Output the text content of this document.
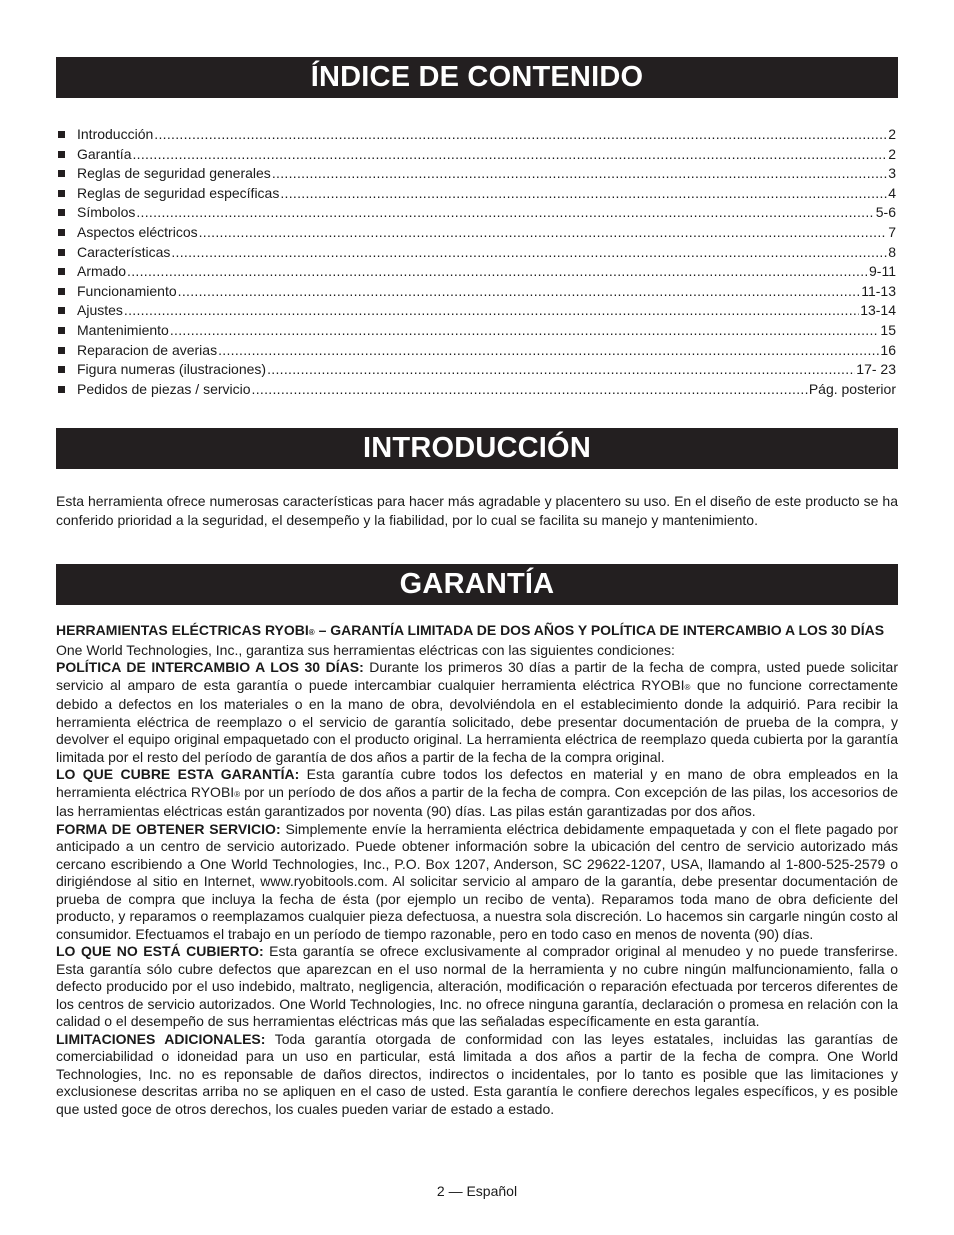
ÍNDICE DE CONTENIDO
Introducción .....	2
Garantía .....	2
Reglas de seguridad generales .....	3
Reglas de seguridad específicas .....	4
Símbolos .....	5-6
Aspectos eléctricos .....	7
Características .....	8
Armado .....	9-11
Funcionamiento .....	11-13
Ajustes .....	13-14
Mantenimiento .....	15
Reparacion de averias .....	16
Figura numeras (ilustraciones) .....	17- 23
Pedidos de piezas / servicio .....	Pág. posterior
INTRODUCCIÓN

Esta herramienta ofrece numerosas características para hacer más agradable y placentero su uso. En el diseño de este producto se ha conferido prioridad a la seguridad, el desempeño y la fiabilidad, por lo cual se facilita su manejo y mantenimiento.

GARANTÍA

HERRAMIENTAS ELÉCTRICAS RYOBI® – GARANTÍA LIMITADA DE DOS AÑOS Y POLÍTICA DE INTERCAMBIO A LOS 30 DÍAS

One World Technologies, Inc., garantiza sus herramientas eléctricas con las siguientes condiciones:

POLÍTICA DE INTERCAMBIO A LOS 30 DÍAS: Durante los primeros 30 días a partir de la fecha de compra, usted puede solicitar servicio al amparo de esta garantía o puede intercambiar cualquier herramienta eléctrica RYOBI® que no funcione correctamente debido a defectos en los materiales o en la mano de obra, devolviéndola en el establecimiento donde la adquirió. Para recibir la herramienta eléctrica de reemplazo o el servicio de garantía solicitado, debe presentar documentación de prueba de la compra, y devolver el equipo original empaquetado con el producto original. La herramienta eléctrica de reemplazo queda cubierta por la garantía limitada por el resto del período de garantía de dos años a partir de la fecha de la compra original.

LO QUE CUBRE ESTA GARANTÍA: Esta garantía cubre todos los defectos en material y en mano de obra empleados en la herramienta eléctrica RYOBI® por un período de dos años a partir de la fecha de compra. Con excepción de las pilas, los accesorios de las herramientas eléctricas están garantizados por noventa (90) días. Las pilas están garantizadas por dos años.

FORMA DE OBTENER SERVICIO: Simplemente envíe la herramienta eléctrica debidamente empaquetada y con el flete pagado por anticipado a un centro de servicio autorizado. Puede obtener información sobre la ubicación del centro de servicio autorizado más cercano escribiendo a One World Technologies, Inc., P.O. Box 1207, Anderson, SC 29622-1207, USA, llamando al 1-800-525-2579 o dirigiéndose al sitio en Internet, www.ryobitools.com. Al solicitar servicio al amparo de la garantía, debe presentar documentación de prueba de compra que incluya la fecha de ésta (por ejemplo un recibo de venta). Reparamos toda mano de obra deficiente del producto, y reparamos o reemplazamos cualquier pieza defectuosa, a nuestra sola discreción. Lo hacemos sin cargarle ningún costo al consumidor. Efectuamos el trabajo en un período de tiempo razonable, pero en todo caso en menos de noventa (90) días.

LO QUE NO ESTÁ CUBIERTO: Esta garantía se ofrece exclusivamente al comprador original al menudeo y no puede transferirse. Esta garantía sólo cubre defectos que aparezcan en el uso normal de la herramienta y no cubre ningún malfuncionamiento, falla o defecto producido por el uso indebido, maltrato, negligencia, alteración, modificación o reparación efectuada por terceros diferentes de los centros de servicio autorizados. One World Technologies, Inc. no ofrece ninguna garantía, declaración o promesa en relación con la calidad o el desempeño de sus herramientas eléctricas más que las señaladas específicamente en esta garantía.

LIMITACIONES ADICIONALES: Toda garantía otorgada de conformidad con las leyes estatales, incluidas las garantías de comerciabilidad o idoneidad para un uso en particular, está limitada a dos años a partir de la fecha de compra. One World Technologies, Inc. no es reponsable de daños directos, indirectos o incidentales, por lo tanto es posible que las limitaciones y exclusionese descritas arriba no se apliquen en el caso de usted. Esta garantía le confiere derechos legales específicos, y es posible que usted goce de otros derechos, los cuales pueden variar de estado a estado.

2 — Español
